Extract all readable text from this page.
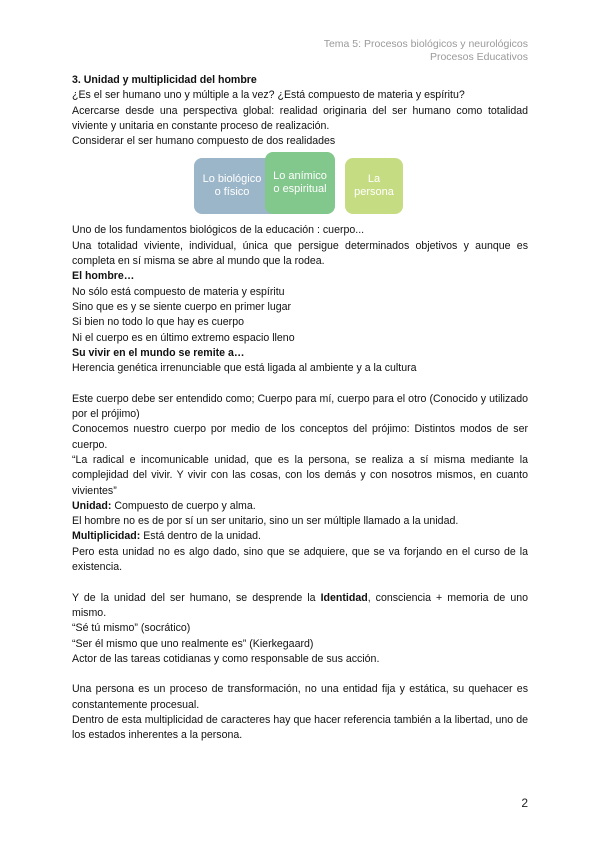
Tema 5: Procesos biológicos y neurológicos
Procesos Educativos

3. Unidad y multiplicidad del hombre

¿Es el ser humano uno y múltiple a la vez? ¿Está compuesto de materia y espíritu?

Acercarse desde una perspectiva global: realidad originaria del ser humano como totalidad viviente y unitaria en constante proceso de realización.

Considerar el ser humano compuesto de dos realidades

Lo biológico o físico
Lo anímico o espiritual
La persona

Uno de los fundamentos biológicos de la educación : cuerpo...

Una totalidad viviente, individual, única que persigue determinados objetivos y aunque es completa en sí misma se abre al mundo que la rodea.

El hombre…

No sólo está compuesto de materia y espíritu

Sino que es y se siente cuerpo en primer lugar

Si bien no todo lo que hay es cuerpo

Ni el cuerpo es en último extremo espacio lleno

Su vivir en el mundo se remite a…

Herencia genética irrenunciable que está ligada al ambiente y a la cultura

Este cuerpo debe ser entendido como; Cuerpo para mí, cuerpo para el otro (Conocido y utilizado por el prójimo)

Conocemos nuestro cuerpo por medio de los conceptos del prójimo: Distintos modos de ser cuerpo.

“La radical e incomunicable unidad, que es la persona, se realiza a sí misma mediante la complejidad del vivir. Y vivir con las cosas, con los demás y con nosotros mismos, en cuanto vivientes”

Unidad: Compuesto de cuerpo y alma.

El hombre no es de por sí un ser unitario, sino un ser múltiple llamado a la unidad.

Multiplicidad: Está dentro de la unidad.

Pero esta unidad no es algo dado, sino que se adquiere, que se va forjando en el curso de la existencia.

Y de la unidad del ser humano, se desprende la Identidad, consciencia + memoria de uno mismo.

“Sé tú mismo” (socrático)

“Ser él mismo que uno realmente es” (Kierkegaard)

Actor de las tareas cotidianas y como responsable de sus acción.

Una persona es un proceso de transformación, no una entidad fija y estática, su quehacer es constantemente procesual.

Dentro de esta multiplicidad de caracteres hay que hacer referencia también a la libertad, uno de los estados inherentes a la persona.

2
